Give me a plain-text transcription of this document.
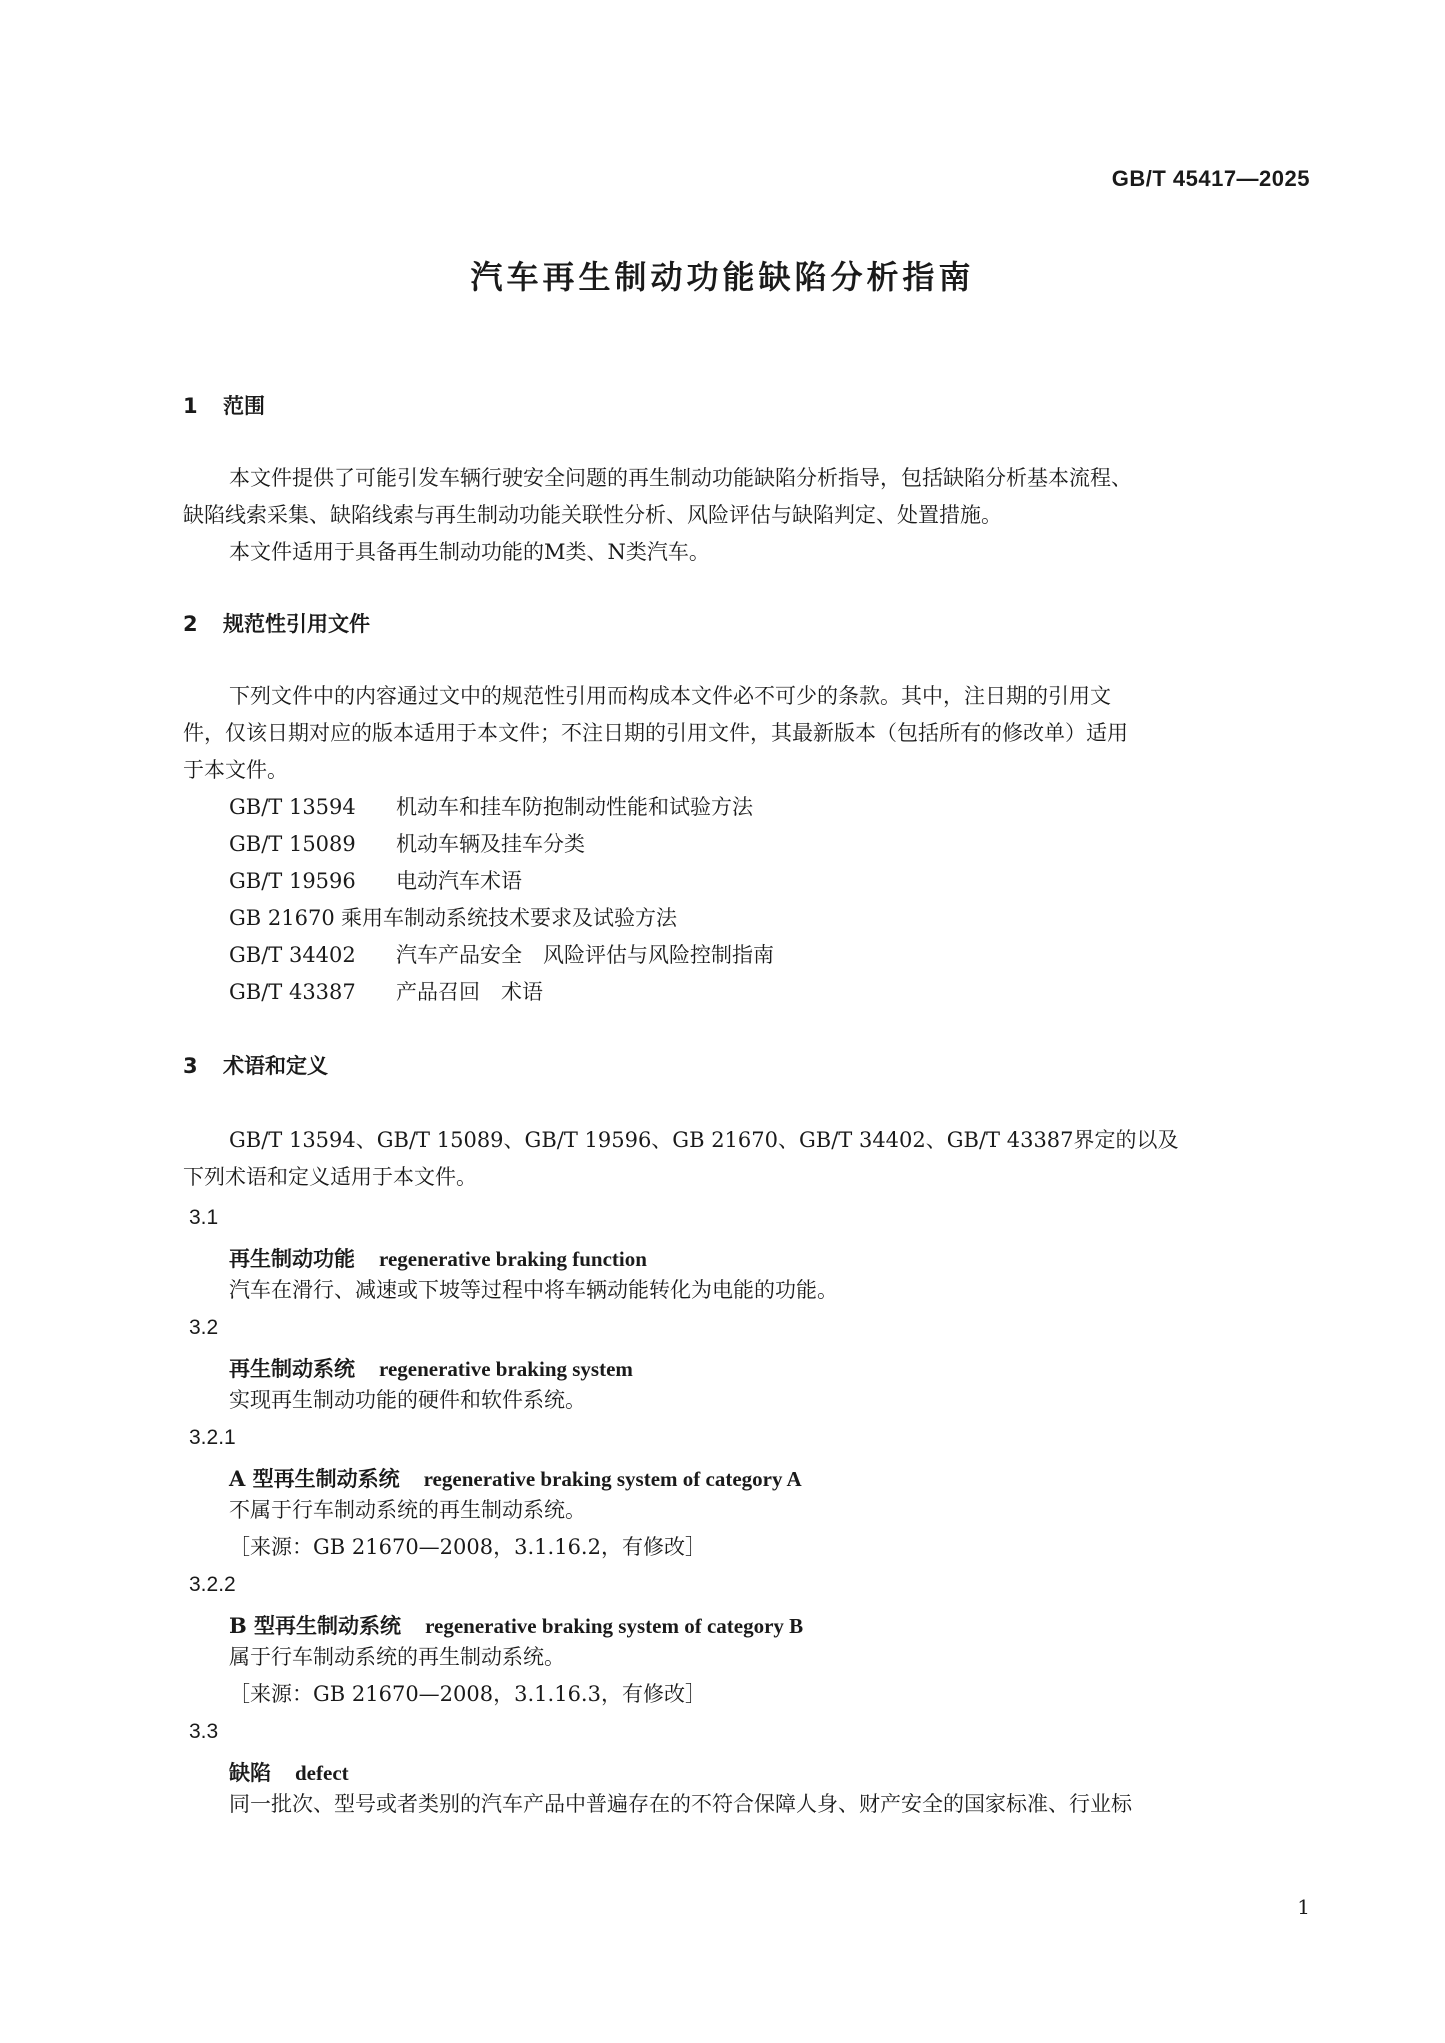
GB/T 45417—2025
汽车再生制动功能缺陷分析指南
1 范围
本文件提供了可能引发车辆行驶安全问题的再生制动功能缺陷分析指导，包括缺陷分析基本流程、
缺陷线索采集、缺陷线索与再生制动功能关联性分析、风险评估与缺陷判定、处置措施。
本文件适用于具备再生制动功能的M类、N类汽车。
2 规范性引用文件
下列文件中的内容通过文中的规范性引用而构成本文件必不可少的条款。其中，注日期的引用文
件，仅该日期对应的版本适用于本文件；不注日期的引用文件，其最新版本（包括所有的修改单）适用
于本文件。
GB/T 13594 机动车和挂车防抱制动性能和试验方法
GB/T 15089 机动车辆及挂车分类
GB/T 19596 电动汽车术语
GB 21670 乘用车制动系统技术要求及试验方法
GB/T 34402 汽车产品安全　风险评估与风险控制指南
GB/T 43387 产品召回　术语
3 术语和定义
GB/T 13594、GB/T 15089、GB/T 19596、GB 21670、GB/T 34402、GB/T 43387界定的以及
下列术语和定义适用于本文件。
3.1
再生制动功能 regenerative braking function
汽车在滑行、减速或下坡等过程中将车辆动能转化为电能的功能。
3.2
再生制动系统 regenerative braking system
实现再生制动功能的硬件和软件系统。
3.2.1
A 型再生制动系统 regenerative braking system of category A
不属于行车制动系统的再生制动系统。
［来源：GB 21670—2008，3.1.16.2，有修改］
3.2.2
B 型再生制动系统 regenerative braking system of category B
属于行车制动系统的再生制动系统。
［来源：GB 21670—2008，3.1.16.3，有修改］
3.3
缺陷 defect
同一批次、型号或者类别的汽车产品中普遍存在的不符合保障人身、财产安全的国家标准、行业标
1
